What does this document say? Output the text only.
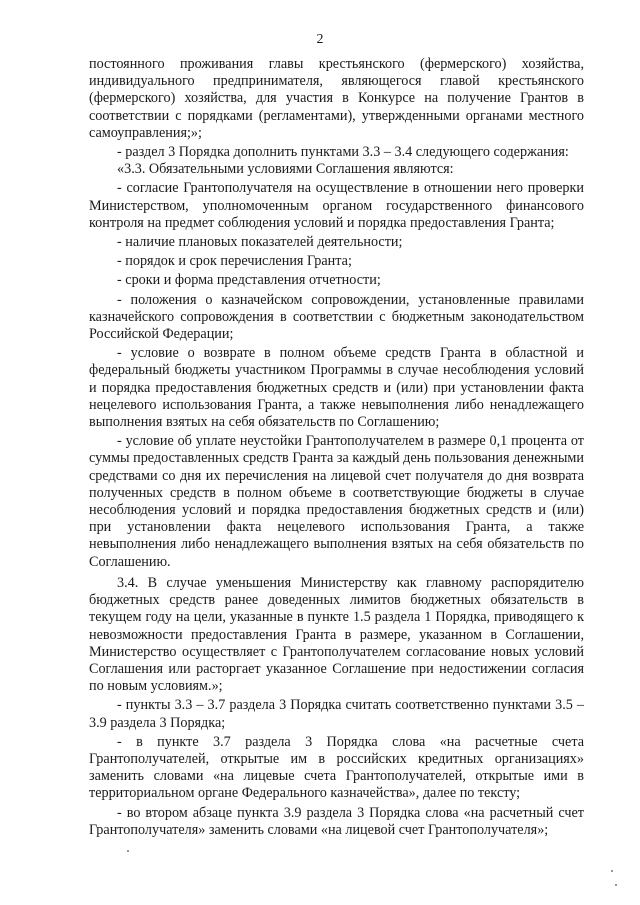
2

постоянного проживания главы крестьянского (фермерского) хозяйства, индивидуального предпринимателя, являющегося главой крестьянского (фермерского) хозяйства, для участия в Конкурсе на получение Грантов в соответствии с порядками (регламентами), утвержденными органами местного самоуправления;»;

- раздел 3 Порядка дополнить пунктами 3.3 – 3.4 следующего содержания:

«3.3. Обязательными условиями Соглашения являются:

- согласие Грантополучателя на осуществление в отношении него проверки Министерством, уполномоченным органом государственного финансового контроля на предмет соблюдения условий и порядка предоставления Гранта;

- наличие плановых показателей деятельности;

- порядок и срок перечисления Гранта;

- сроки и форма представления отчетности;

- положения о казначейском сопровождении, установленные правилами казначейского сопровождения в соответствии с бюджетным законодательством Российской Федерации;

- условие о возврате в полном объеме средств Гранта в областной и федеральный бюджеты участником Программы в случае несоблюдения условий и порядка предоставления бюджетных средств и (или) при установлении факта нецелевого использования Гранта, а также невыполнения либо ненадлежащего выполнения взятых на себя обязательств по Соглашению;

- условие об уплате неустойки Грантополучателем в размере 0,1 процента от суммы предоставленных средств Гранта за каждый день пользования денежными средствами со дня их перечисления на лицевой счет получателя до дня возврата полученных средств в полном объеме в соответствующие бюджеты в случае несоблюдения условий и порядка предоставления бюджетных средств и (или) при установлении факта нецелевого использования Гранта, а также невыполнения либо ненадлежащего выполнения взятых на себя обязательств по Соглашению.

3.4. В случае уменьшения Министерству как главному распорядителю бюджетных средств ранее доведенных лимитов бюджетных обязательств в текущем году на цели, указанные в пункте 1.5 раздела 1 Порядка, приводящего к невозможности предоставления Гранта в размере, указанном в Соглашении, Министерство осуществляет с Грантополучателем согласование новых условий Соглашения или расторгает указанное Соглашение при недостижении согласия по новым условиям.»;

- пункты 3.3 – 3.7 раздела 3 Порядка считать соответственно пунктами 3.5 – 3.9 раздела 3 Порядка;

- в пункте 3.7 раздела 3 Порядка слова «на расчетные счета Грантополучателей, открытые им в российских кредитных организациях» заменить словами «на лицевые счета Грантополучателей, открытые ими в территориальном органе Федерального казначейства», далее по тексту;

- во втором абзаце пункта 3.9 раздела 3 Порядка слова «на расчетный счет Грантополучателя» заменить словами «на лицевой счет Грантополучателя»;
